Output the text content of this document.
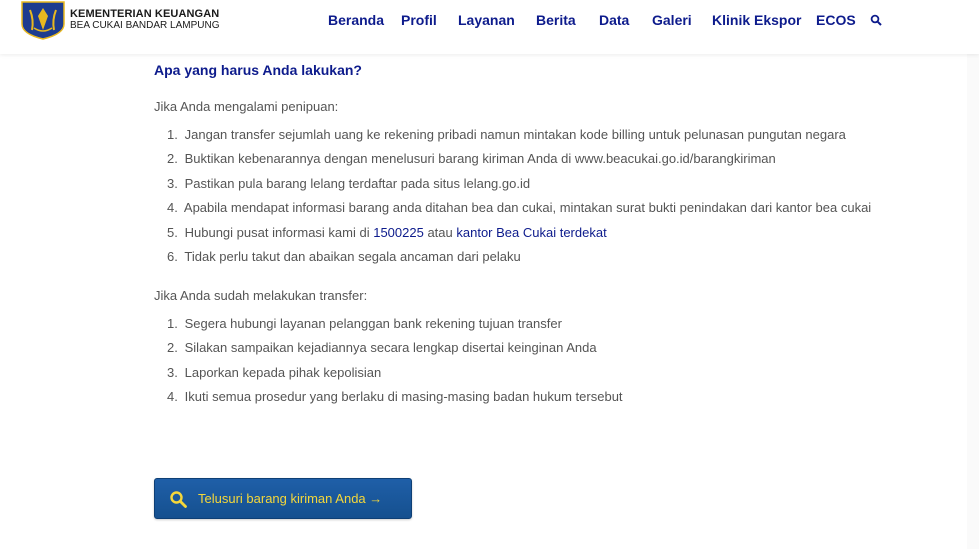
KEMENTERIAN KEUANGAN
BEA CUKAI BANDAR LAMPUNG	Beranda Profil Layanan Berita Data Galeri Klinik Ekspor ECOS
Apa yang harus Anda lakukan?
Jika Anda mengalami penipuan:
1. Jangan transfer sejumlah uang ke rekening pribadi namun mintakan kode billing untuk pelunasan pungutan negara
2. Buktikan kebenarannya dengan menelusuri barang kiriman Anda di www.beacukai.go.id/barangkiriman
3. Pastikan pula barang lelang terdaftar pada situs lelang.go.id
4. Apabila mendapat informasi barang anda ditahan bea dan cukai, mintakan surat bukti penindakan dari kantor bea cukai
5. Hubungi pusat informasi kami di 1500225 atau kantor Bea Cukai terdekat
6. Tidak perlu takut dan abaikan segala ancaman dari pelaku
Jika Anda sudah melakukan transfer:
1. Segera hubungi layanan pelanggan bank rekening tujuan transfer
2. Silakan sampaikan kejadiannya secara lengkap disertai keinginan Anda
3. Laporkan kepada pihak kepolisian
4. Ikuti semua prosedur yang berlaku di masing-masing badan hukum tersebut
Telusuri barang kiriman Anda →
